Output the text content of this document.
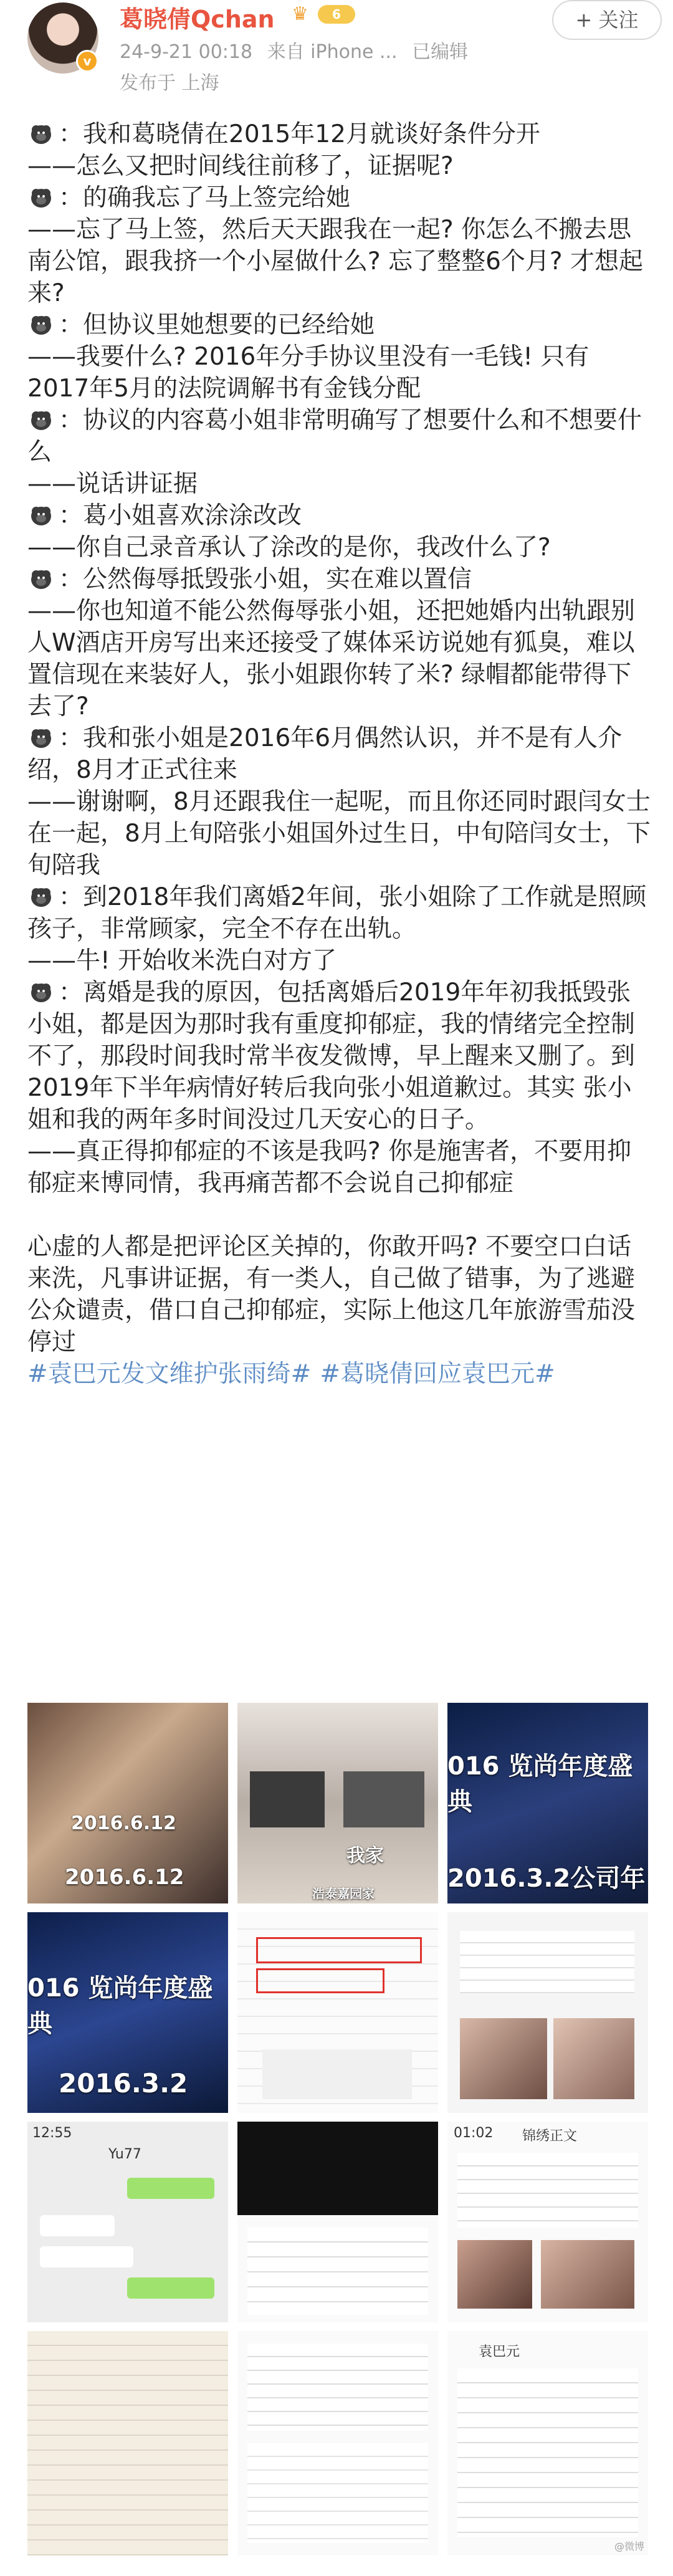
v
葛晓倩Qchan ♛	6
24-9-21 00:18 来自 iPhone ... 已编辑
发布于 上海
+ 关注

：我和葛晓倩在2015年12月就谈好条件分开

——怎么又把时间线往前移了，证据呢?

：的确我忘了马上签完给她

——忘了马上签，然后天天跟我在一起? 你怎么不搬去思南公馆，跟我挤一个小屋做什么? 忘了整整6个月? 才想起来?

：但协议里她想要的已经给她

——我要什么? 2016年分手协议里没有一毛钱! 只有2017年5月的法院调解书有金钱分配

：协议的内容葛小姐非常明确写了想要什么和不想要什么

——说话讲证据

：葛小姐喜欢涂涂改改

——你自己录音承认了涂改的是你，我改什么了?

：公然侮辱抵毁张小姐，实在难以置信

——你也知道不能公然侮辱张小姐，还把她婚内出轨跟别人W酒店开房写出来还接受了媒体采访说她有狐臭，难以置信现在来装好人，张小姐跟你转了米? 绿帽都能带得下去了?

：我和张小姐是2016年6月偶然认识，并不是有人介绍，8月才正式往来

——谢谢啊，8月还跟我住一起呢，而且你还同时跟闫女士在一起，8月上旬陪张小姐国外过生日，中旬陪闫女士，下旬陪我

：到2018年我们离婚2年间，张小姐除了工作就是照顾孩子，非常顾家，完全不存在出轨。

——牛! 开始收米洗白对方了

：离婚是我的原因，包括离婚后2019年年初我抵毁张小姐，都是因为那时我有重度抑郁症，我的情绪完全控制不了，那段时间我时常半夜发微博，早上醒来又删了。到2019年下半年病情好转后我向张小姐道歉过。其实 张小姐和我的两年多时间没过几天安心的日子。

——真正得抑郁症的不该是我吗? 你是施害者，不要用抑郁症来博同情，我再痛苦都不会说自己抑郁症

心虚的人都是把评论区关掉的，你敢开吗? 不要空口白话来洗，凡事讲证据，有一类人，自己做了错事，为了逃避公众谴责，借口自己抑郁症，实际上他这几年旅游雪茄没停过

#袁巴元发文维护张雨绮# #葛晓倩回应袁巴元#

2016.6.12
2016.6.12
我家
浩泰嘉园家
016 览尚年度盛典
2016.3.2公司年
016 览尚年度盛典
2016.3.2
12:55
Yu77
01:02 锦绣正文
袁巴元
@微博
